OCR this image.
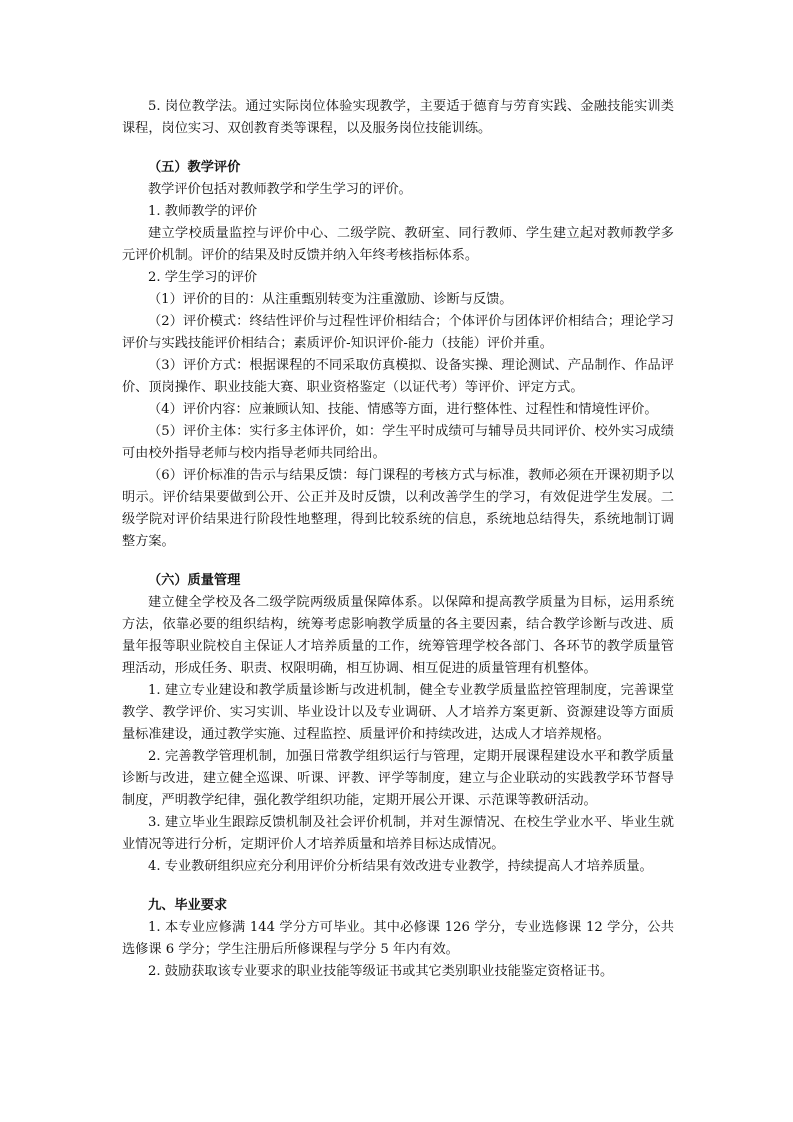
5. 岗位教学法。通过实际岗位体验实现教学，主要适于德育与劳育实践、金融技能实训类课程，岗位实习、双创教育类等课程，以及服务岗位技能训练。

（五）教学评价

教学评价包括对教师教学和学生学习的评价。

1. 教师教学的评价

建立学校质量监控与评价中心、二级学院、教研室、同行教师、学生建立起对教师教学多元评价机制。评价的结果及时反馈并纳入年终考核指标体系。

2. 学生学习的评价

（1）评价的目的：从注重甄别转变为注重激励、诊断与反馈。

（2）评价模式：终结性评价与过程性评价相结合；个体评价与团体评价相结合；理论学习评价与实践技能评价相结合；素质评价-知识评价-能力（技能）评价并重。

（3）评价方式：根据课程的不同采取仿真模拟、设备实操、理论测试、产品制作、作品评价、顶岗操作、职业技能大赛、职业资格鉴定（以证代考）等评价、评定方式。

（4）评价内容：应兼顾认知、技能、情感等方面，进行整体性、过程性和情境性评价。

（5）评价主体：实行多主体评价，如：学生平时成绩可与辅导员共同评价、校外实习成绩可由校外指导老师与校内指导老师共同给出。

（6）评价标准的告示与结果反馈：每门课程的考核方式与标准，教师必须在开课初期予以明示。评价结果要做到公开、公正并及时反馈，以利改善学生的学习，有效促进学生发展。二级学院对评价结果进行阶段性地整理，得到比较系统的信息，系统地总结得失，系统地制订调整方案。

（六）质量管理

建立健全学校及各二级学院两级质量保障体系。以保障和提高教学质量为目标，运用系统方法，依靠必要的组织结构，统筹考虑影响教学质量的各主要因素，结合教学诊断与改进、质量年报等职业院校自主保证人才培养质量的工作，统筹管理学校各部门、各环节的教学质量管理活动，形成任务、职责、权限明确，相互协调、相互促进的质量管理有机整体。

1. 建立专业建设和教学质量诊断与改进机制，健全专业教学质量监控管理制度，完善课堂教学、教学评价、实习实训、毕业设计以及专业调研、人才培养方案更新、资源建设等方面质量标准建设，通过教学实施、过程监控、质量评价和持续改进，达成人才培养规格。

2. 完善教学管理机制，加强日常教学组织运行与管理，定期开展课程建设水平和教学质量诊断与改进，建立健全巡课、听课、评教、评学等制度，建立与企业联动的实践教学环节督导制度，严明教学纪律，强化教学组织功能，定期开展公开课、示范课等教研活动。

3. 建立毕业生跟踪反馈机制及社会评价机制，并对生源情况、在校生学业水平、毕业生就业情况等进行分析，定期评价人才培养质量和培养目标达成情况。

4. 专业教研组织应充分利用评价分析结果有效改进专业教学，持续提高人才培养质量。

九、毕业要求

1. 本专业应修满 144 学分方可毕业。其中必修课 126 学分，专业选修课 12 学分，公共选修课 6 学分；学生注册后所修课程与学分 5 年内有效。

2. 鼓励获取该专业要求的职业技能等级证书或其它类别职业技能鉴定资格证书。
